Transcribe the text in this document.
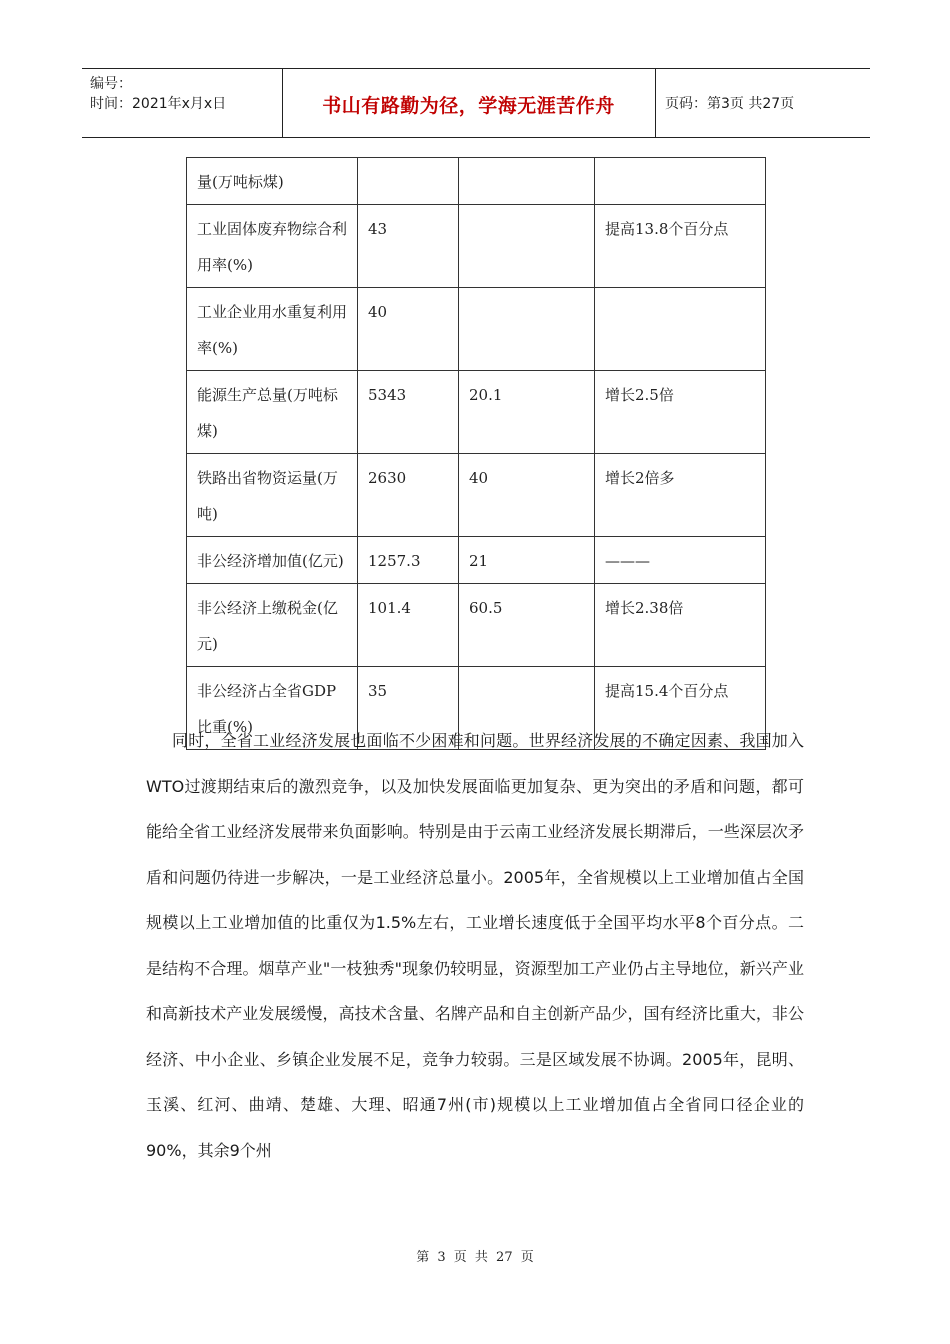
编号：
时间：2021年x月x日	书山有路勤为径，学海无涯苦作舟	页码：第3页 共27页
量(万吨标煤)			
工业固体废弃物综合利用率(%)	43		提高13.8个百分点
工业企业用水重复利用率(%)	40		
能源生产总量(万吨标煤)	5343	20.1	增长2.5倍
铁路出省物资运量(万吨)	2630	40	增长2倍多
非公经济增加值(亿元)	1257.3	21	———
非公经济上缴税金(亿元)	101.4	60.5	增长2.38倍
非公经济占全省GDP比重(%)	35		提高15.4个百分点

同时，全省工业经济发展也面临不少困难和问题。世界经济发展的不确定因素、我国加入WTO过渡期结束后的激烈竞争，以及加快发展面临更加复杂、更为突出的矛盾和问题，都可能给全省工业经济发展带来负面影响。特别是由于云南工业经济发展长期滞后，一些深层次矛盾和问题仍待进一步解决，一是工业经济总量小。2005年，全省规模以上工业增加值占全国规模以上工业增加值的比重仅为1.5%左右，工业增长速度低于全国平均水平8个百分点。二是结构不合理。烟草产业"一枝独秀"现象仍较明显，资源型加工产业仍占主导地位，新兴产业和高新技术产业发展缓慢，高技术含量、名牌产品和自主创新产品少，国有经济比重大，非公经济、中小企业、乡镇企业发展不足，竞争力较弱。三是区域发展不协调。2005年，昆明、玉溪、红河、曲靖、楚雄、大理、昭通7州(市)规模以上工业增加值占全省同口径企业的90%，其余9个州

第 3 页 共 27 页
